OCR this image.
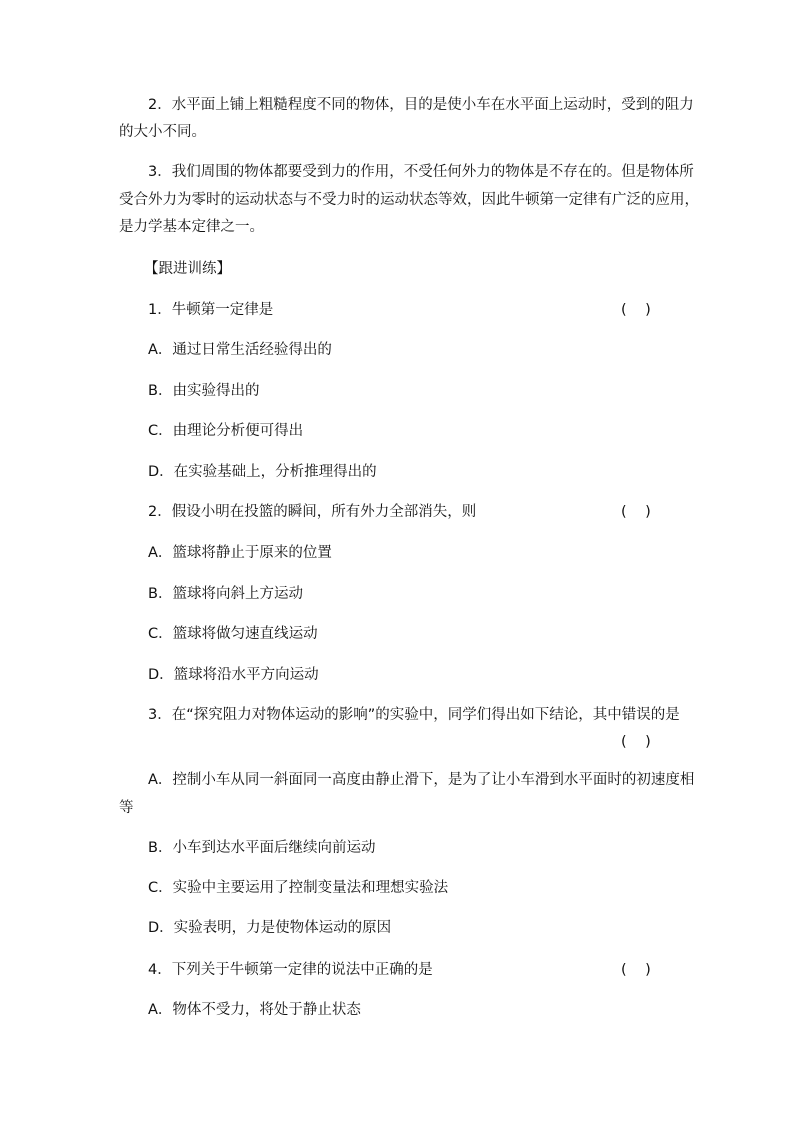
2．水平面上铺上粗糙程度不同的物体，目的是使小车在水平面上运动时，受到的阻力
的大小不同。
3．我们周围的物体都要受到力的作用，不受任何外力的物体是不存在的。但是物体所
受合外力为零时的运动状态与不受力时的运动状态等效，因此牛顿第一定律有广泛的应用，
是力学基本定律之一。
【跟进训练】
1．牛顿第一定律是	(    )
A．通过日常生活经验得出的
B．由实验得出的
C．由理论分析便可得出
D．在实验基础上，分析推理得出的
2．假设小明在投篮的瞬间，所有外力全部消失，则	(    )
A．篮球将静止于原来的位置
B．篮球将向斜上方运动
C．篮球将做匀速直线运动
D．篮球将沿水平方向运动
3．在“探究阻力对物体运动的影响”的实验中，同学们得出如下结论，其中错误的是
(    )
A．控制小车从同一斜面同一高度由静止滑下，是为了让小车滑到水平面时的初速度相
等
B．小车到达水平面后继续向前运动
C．实验中主要运用了控制变量法和理想实验法
D．实验表明，力是使物体运动的原因
4．下列关于牛顿第一定律的说法中正确的是	(    )
A．物体不受力，将处于静止状态
